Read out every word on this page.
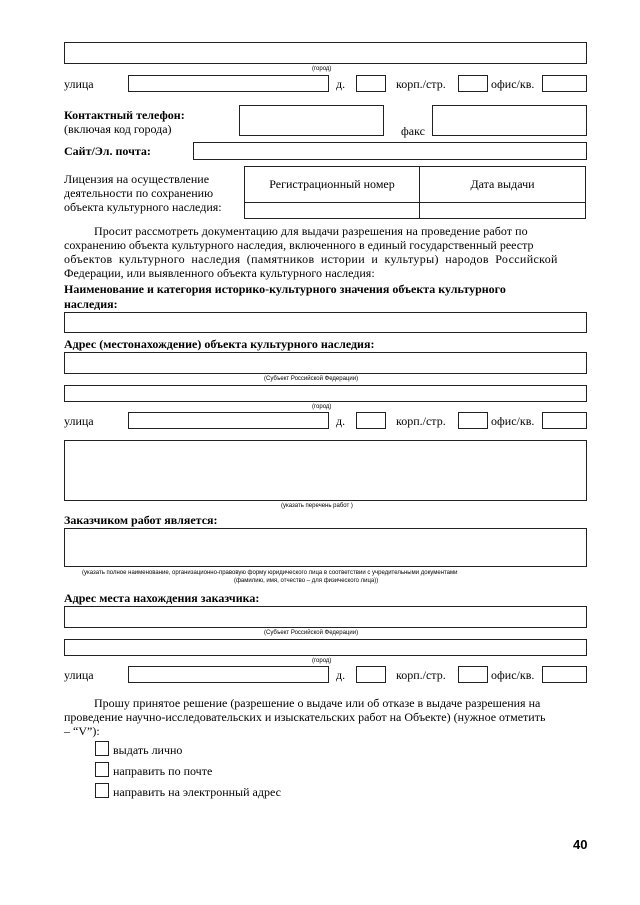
(город)
улица	д.	корп./стр.	офис/кв.
Контактный телефон:
(включая код города)	факс
Сайт/Эл. почта:
Лицензия на осуществление
деятельности по сохранению
объекта культурного наследия:
Регистрационный номер	Дата выдачи

Просит рассмотреть документацию для выдачи разрешения на проведение работ по
сохранению объекта культурного наследия, включенного в единый государственный реестр
объектов культурного наследия (памятников истории и культуры) народов Российской
Федерации, или выявленного объекта культурного наследия:
Наименование и категория историко-культурного значения объекта культурного
наследия:
Адрес (местонахождение) объекта культурного наследия:
(Субъект Российской Федерации)
(город)
улица	д.	корп./стр.	офис/кв.
(указать перечень работ )
Заказчиком работ является:
(указать полное наименование, организационно-правовую форму юридического лица в соответствии с учредительными документами
(фамилию, имя, отчество – для физического лица))
Адрес места нахождения заказчика:
(Субъект Российской Федерации)
(город)
улица	д.	корп./стр.	офис/кв.
Прошу принятое решение (разрешение о выдаче или об отказе в выдаче разрешения на
проведение научно-исследовательских и изыскательских работ на Объекте) (нужное отметить
– “V”):
выдать лично
направить по почте
направить на электронный адрес
40
